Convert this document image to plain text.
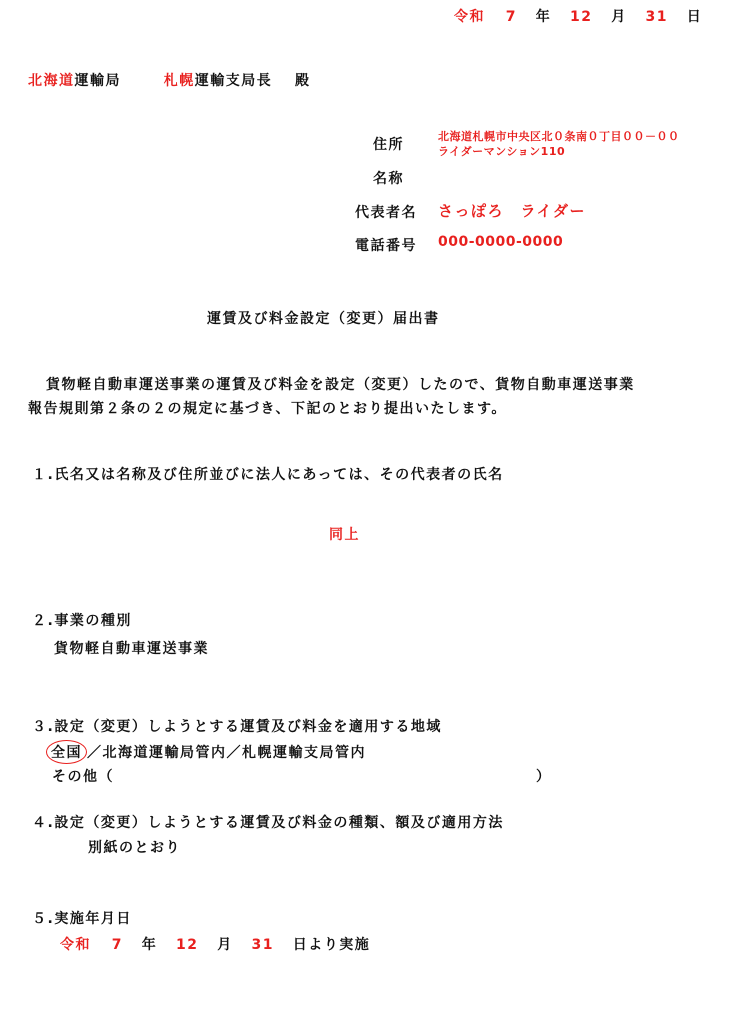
令和 7 年 12 月 31 日
北海道運輸局	札幌運輸支局長 殿
住所
北海道札幌市中央区北０条南０丁目００－００
ライダーマンション110
名称
代表者名 さっぽろ　ライダー
電話番号 000-0000-0000
運賃及び料金設定（変更）届出書
貨物軽自動車運送事業の運賃及び料金を設定（変更）したので、貨物自動車運送事業
報告規則第２条の２の規定に基づき、下記のとおり提出いたします。
１.氏名又は名称及び住所並びに法人にあっては、その代表者の氏名
同上
２.事業の種別
貨物軽自動車運送事業
３.設定（変更）しようとする運賃及び料金を適用する地域
全国 ／北海道運輸局管内／札幌運輸支局管内
その他（	）
４.設定（変更）しようとする運賃及び料金の種類、額及び適用方法
別紙のとおり
５.実施年月日
令和 7 年 12 月 31 日より実施
